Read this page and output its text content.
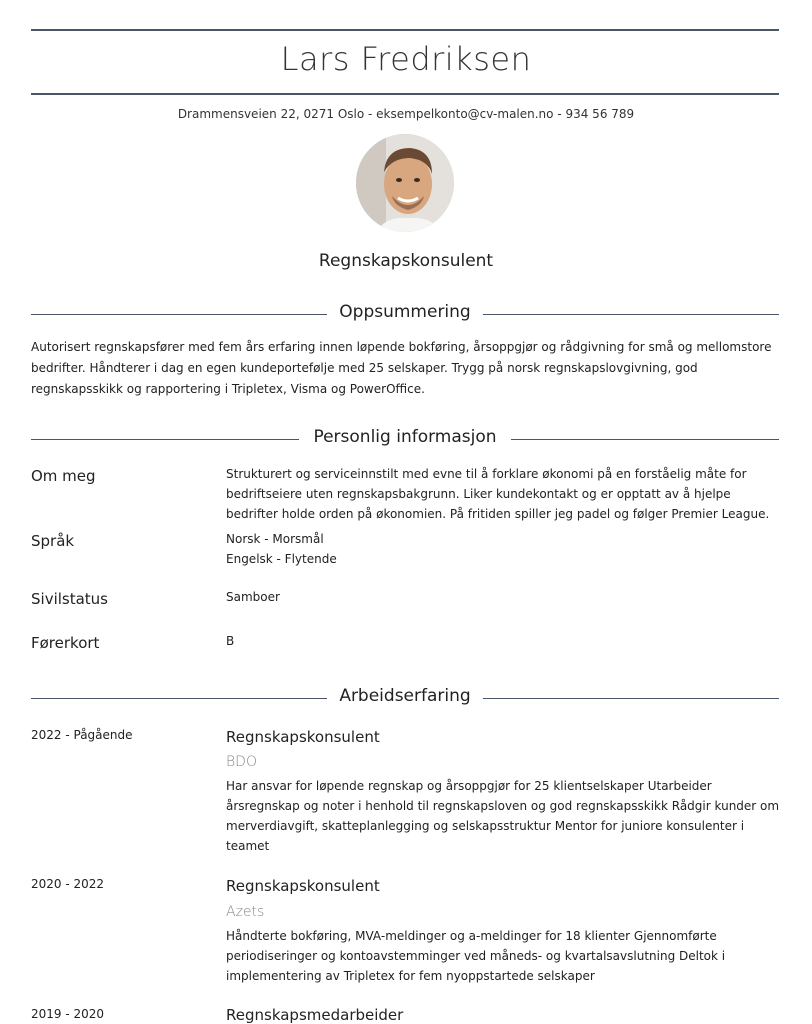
Lars Fredriksen
Drammensveien 22, 0271 Oslo - eksempelkonto@cv-malen.no - 934 56 789
Regnskapskonsulent
Oppsummering
Autorisert regnskapsfører med fem års erfaring innen løpende bokføring, årsoppgjør og rådgivning for små og mellomstore bedrifter. Håndterer i dag en egen kundeportefølje med 25 selskaper. Trygg på norsk regnskapslovgivning, god regnskapsskikk og rapportering i Tripletex, Visma og PowerOffice.
Personlig informasjon
Om meg	Strukturert og serviceinnstilt med evne til å forklare økonomi på en forståelig måte for bedriftseiere uten regnskapsbakgrunn. Liker kundekontakt og er opptatt av å hjelpe bedrifter holde orden på økonomien. På fritiden spiller jeg padel og følger Premier League.
Språk	Norsk - Morsmål
Engelsk - Flytende
Sivilstatus	Samboer
Førerkort	B
Arbeidserfaring
2022 - Pågående	Regnskapskonsulent
BDO
Har ansvar for løpende regnskap og årsoppgjør for 25 klientselskaper Utarbeider årsregnskap og noter i henhold til regnskapsloven og god regnskapsskikk Rådgir kunder om merverdiavgift, skatteplanlegging og selskapsstruktur Mentor for juniore konsulenter i teamet
2020 - 2022	Regnskapskonsulent
Azets
Håndterte bokføring, MVA-meldinger og a-meldinger for 18 klienter Gjennomførte periodiseringer og kontoavstemminger ved måneds- og kvartalsavslutning Deltok i implementering av Tripletex for fem nyoppstartede selskaper
2019 - 2020	Regnskapsmedarbeider
